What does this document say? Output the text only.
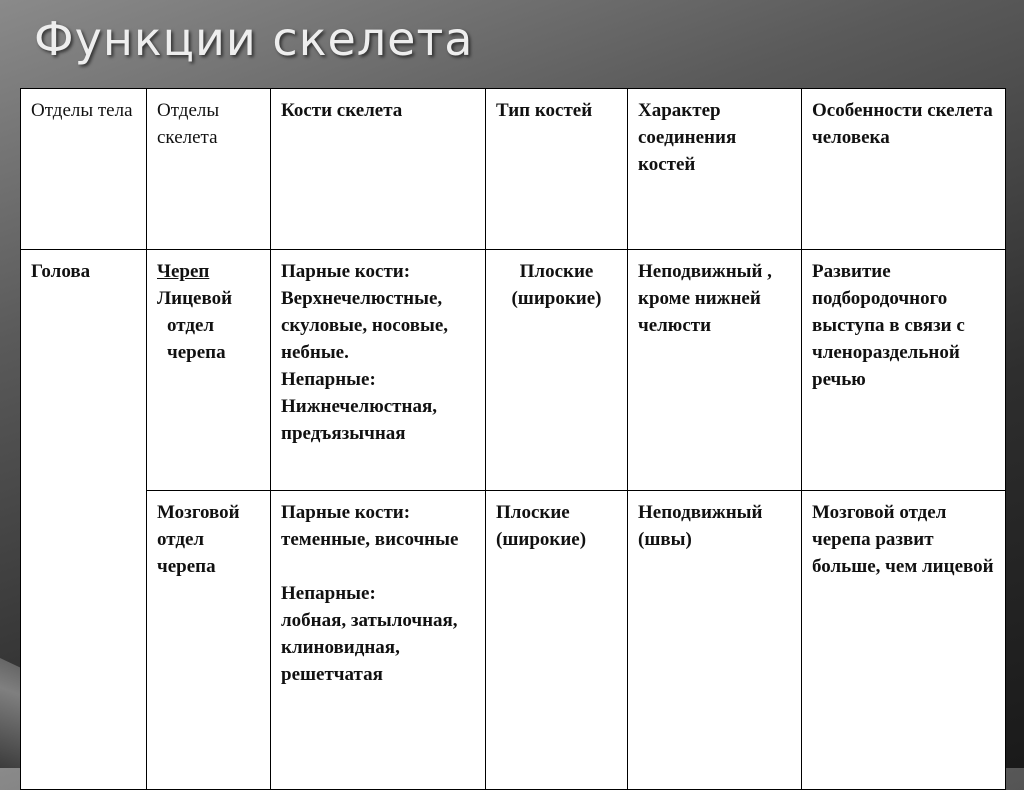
Функции скелета
Отделы тела	Отделы скелета	Кости скелета	Тип костей	Характер соединения костей	Особенности скелета человека
Голова	Череп
Лицевой
отдел
черепа	Парные кости:
Верхнечелюстные, скуловые, носовые, небные.
Непарные:
Нижнечелюстная, предъязычная	Плоские (широкие)	Неподвижный , кроме нижней челюсти	Развитие подбородочного выступа в связи с членораздельной речью
	Мозговой отдел черепа	Парные кости:
теменные, височные
Непарные:
лобная, затылочная, клиновидная, решетчатая	Плоские (широкие)	Неподвижный (швы)	Мозговой отдел черепа развит больше, чем лицевой
